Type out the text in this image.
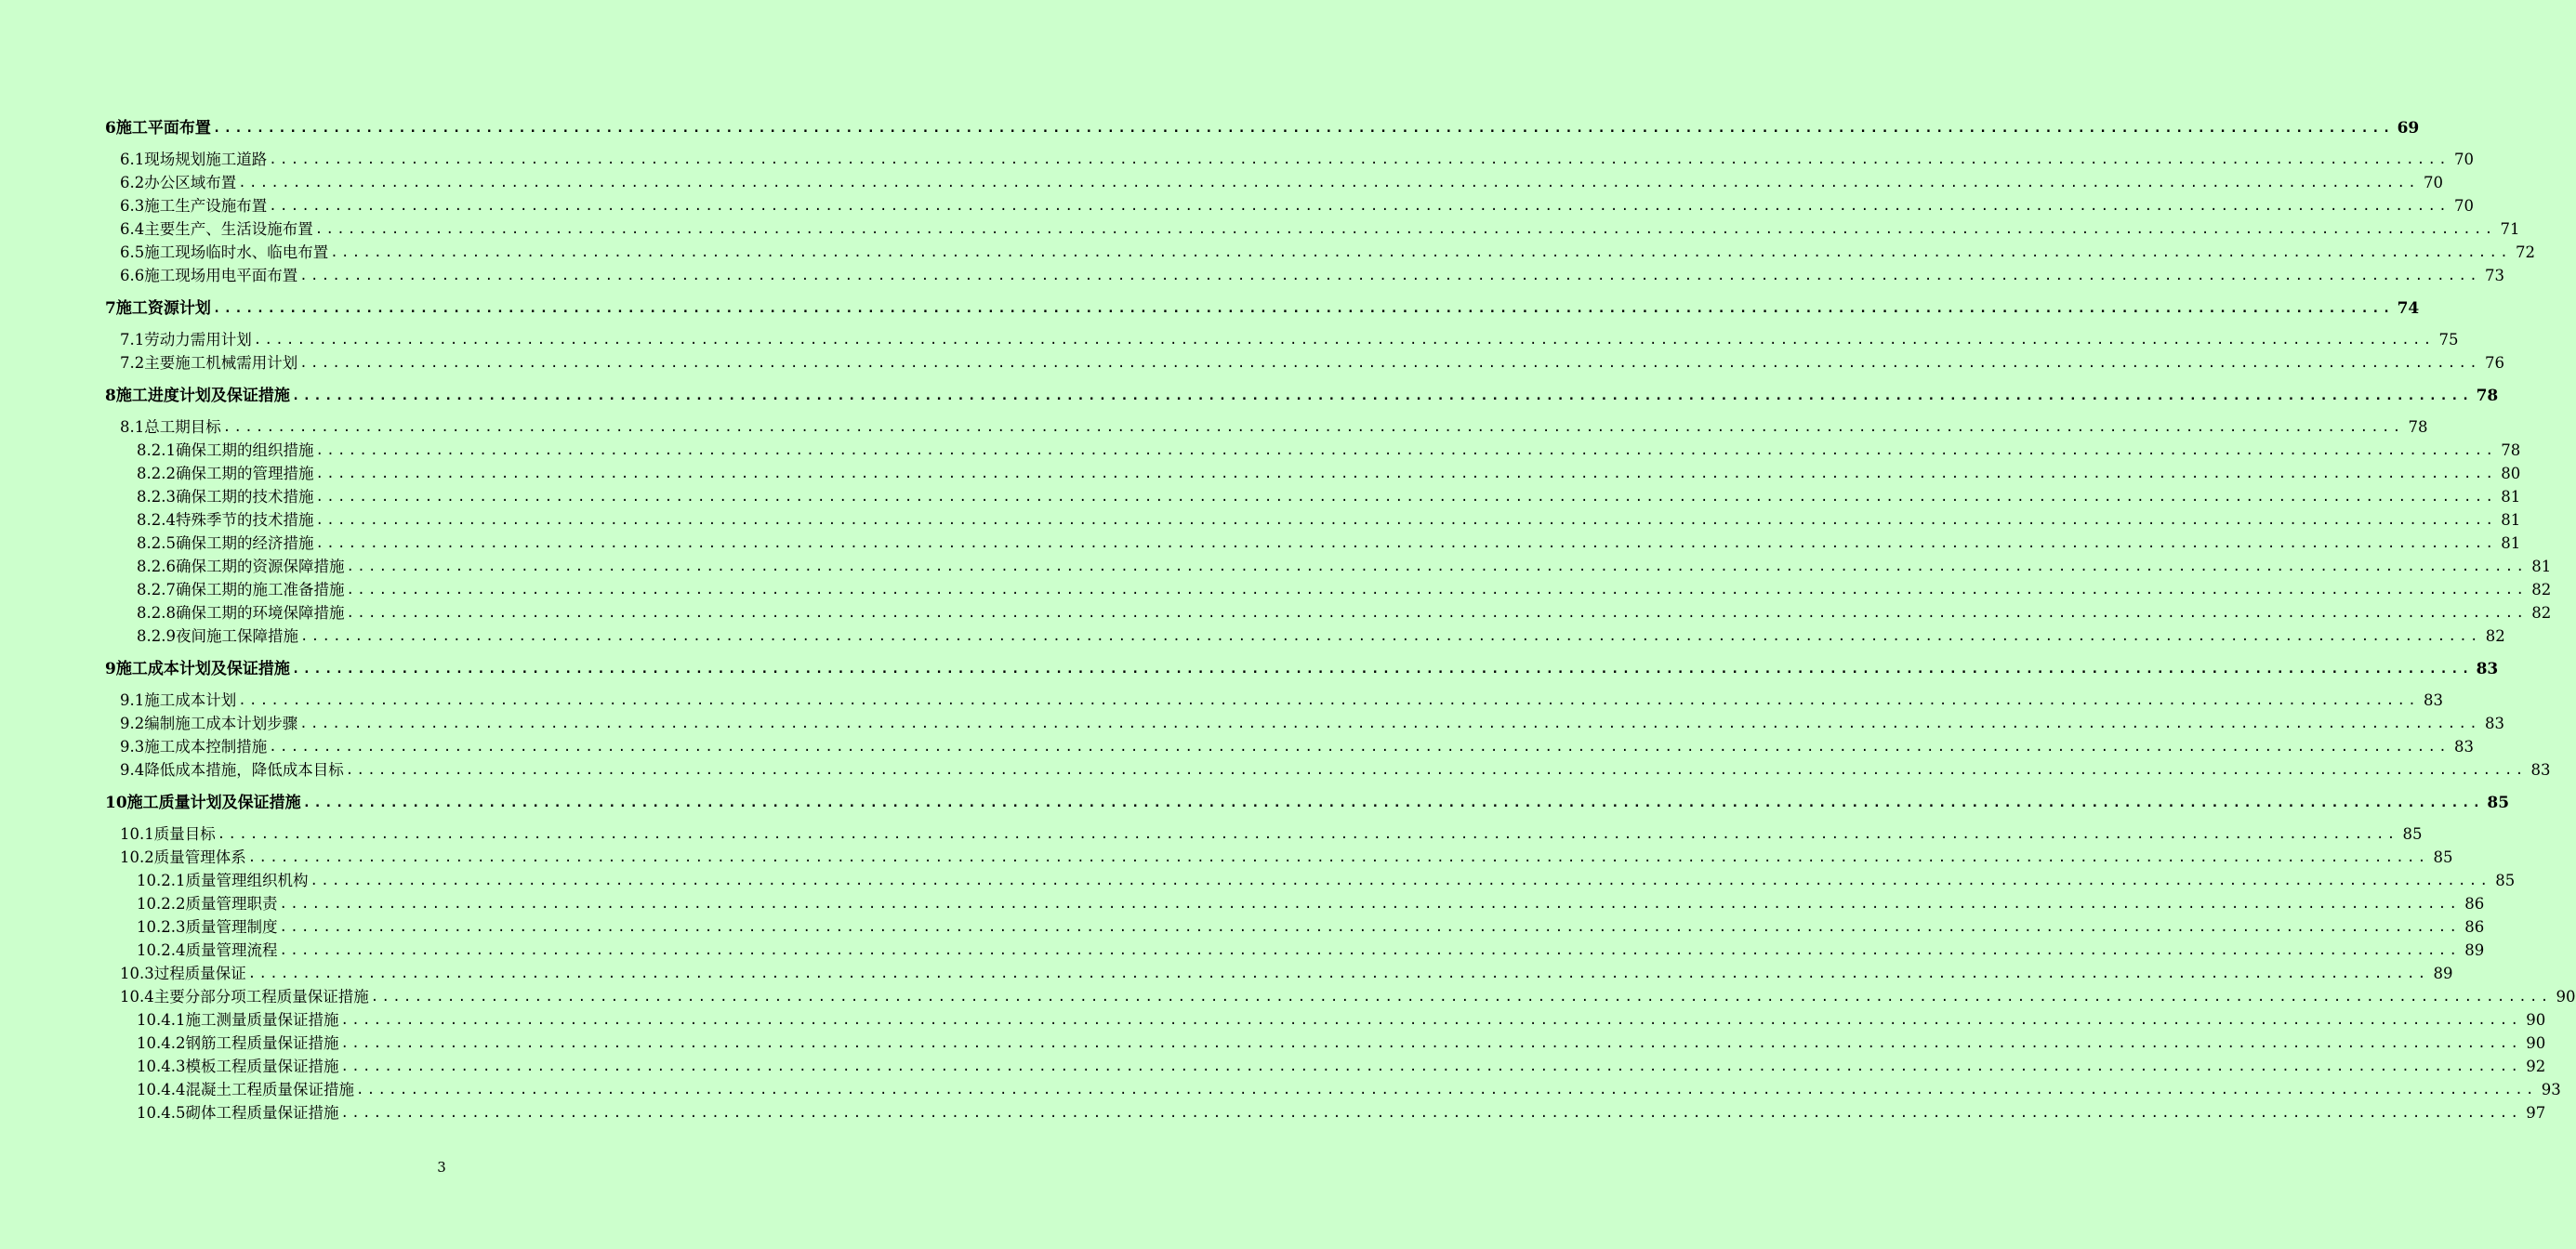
6 施工平面布置 ........................................................................................................................................................................................................ 69
6.1 现场规划施工道路 ........................................................................................................................................................................................................ 70
6.2 办公区域布置 ........................................................................................................................................................................................................ 70
6.3 施工生产设施布置 ........................................................................................................................................................................................................ 70
6.4 主要生产、生活设施布置 ........................................................................................................................................................................................................ 71
6.5 施工现场临时水、临电布置 ........................................................................................................................................................................................................ 72
6.6 施工现场用电平面布置 ........................................................................................................................................................................................................ 73
7 施工资源计划 ........................................................................................................................................................................................................ 74
7.1 劳动力需用计划 ........................................................................................................................................................................................................ 75
7.2 主要施工机械需用计划 ........................................................................................................................................................................................................ 76
8 施工进度计划及保证措施 ........................................................................................................................................................................................................ 78
8.1 总工期目标 ........................................................................................................................................................................................................ 78
8.2.1 确保工期的组织措施 ........................................................................................................................................................................................................ 78
8.2.2 确保工期的管理措施 ........................................................................................................................................................................................................ 80
8.2.3 确保工期的技术措施 ........................................................................................................................................................................................................ 81
8.2.4 特殊季节的技术措施 ........................................................................................................................................................................................................ 81
8.2.5 确保工期的经济措施 ........................................................................................................................................................................................................ 81
8.2.6 确保工期的资源保障措施 ........................................................................................................................................................................................................ 81
8.2.7 确保工期的施工准备措施 ........................................................................................................................................................................................................ 82
8.2.8 确保工期的环境保障措施 ........................................................................................................................................................................................................ 82
8.2.9 夜间施工保障措施 ........................................................................................................................................................................................................ 82
9 施工成本计划及保证措施 ........................................................................................................................................................................................................ 83
9.1 施工成本计划 ........................................................................................................................................................................................................ 83
9.2 编制施工成本计划步骤 ........................................................................................................................................................................................................ 83
9.3 施工成本控制措施 ........................................................................................................................................................................................................ 83
9.4 降低成本措施，降低成本目标 ........................................................................................................................................................................................................ 83
10 施工质量计划及保证措施 ........................................................................................................................................................................................................ 85
10.1 质量目标 ........................................................................................................................................................................................................ 85
10.2 质量管理体系 ........................................................................................................................................................................................................ 85
10.2.1 质量管理组织机构 ........................................................................................................................................................................................................ 85
10.2.2 质量管理职责 ........................................................................................................................................................................................................ 86
10.2.3 质量管理制度 ........................................................................................................................................................................................................ 86
10.2.4 质量管理流程 ........................................................................................................................................................................................................ 89
10.3 过程质量保证 ........................................................................................................................................................................................................ 89
10.4 主要分部分项工程质量保证措施 ........................................................................................................................................................................................................ 90
10.4.1 施工测量质量保证措施 ........................................................................................................................................................................................................ 90
10.4.2 钢筋工程质量保证措施 ........................................................................................................................................................................................................ 90
10.4.3 模板工程质量保证措施 ........................................................................................................................................................................................................ 92
10.4.4 混凝土工程质量保证措施 ........................................................................................................................................................................................................ 93
10.4.5 砌体工程质量保证措施 ........................................................................................................................................................................................................ 97
3
